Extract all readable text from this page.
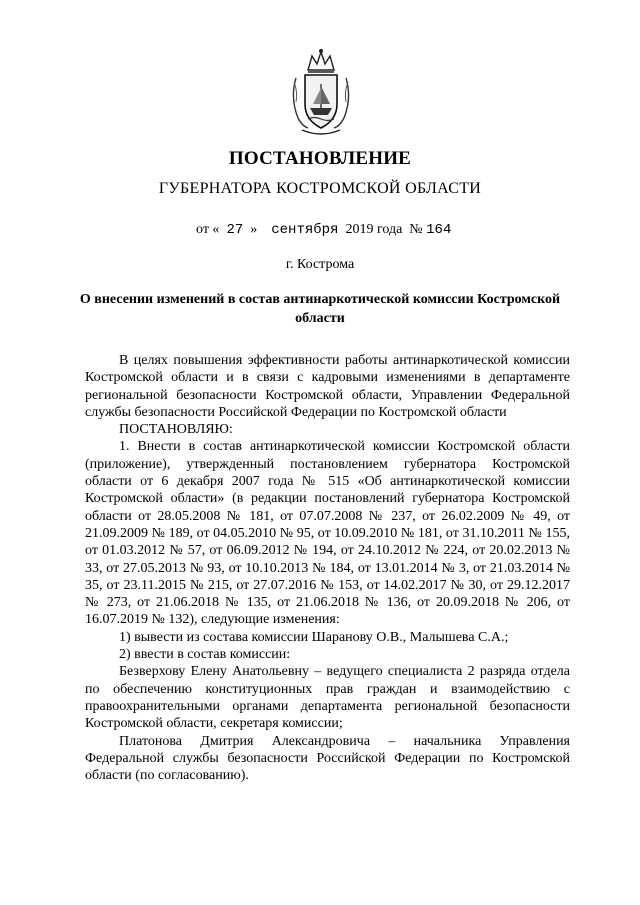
ПОСТАНОВЛЕНИЕ
ГУБЕРНАТОРА КОСТРОМСКОЙ ОБЛАСТИ
от « 27 » сентября 2019 года № 164
г. Кострома
О внесении изменений в состав антинаркотической комиссии Костромской области

В целях повышения эффективности работы антинаркотической комиссии Костромской области и в связи с кадровыми изменениями в департаменте региональной безопасности Костромской области, Управлении Федеральной службы безопасности Российской Федерации по Костромской области

ПОСТАНОВЛЯЮ:

1. Внести в состав антинаркотической комиссии Костромской области (приложение), утвержденный постановлением губернатора Костромской области от 6 декабря 2007 года № 515 «Об антинаркотической комиссии Костромской области» (в редакции постановлений губернатора Костромской области от 28.05.2008 № 181, от 07.07.2008 № 237, от 26.02.2009 № 49, от 21.09.2009 № 189, от 04.05.2010 № 95, от 10.09.2010 № 181, от 31.10.2011 № 155, от 01.03.2012 № 57, от 06.09.2012 № 194, от 24.10.2012 № 224, от 20.02.2013 № 33, от 27.05.2013 № 93, от 10.10.2013 № 184, от 13.01.2014 № 3, от 21.03.2014 № 35, от 23.11.2015 № 215, от 27.07.2016 № 153, от 14.02.2017 № 30, от 29.12.2017 № 273, от 21.06.2018 № 135, от 21.06.2018 № 136, от 20.09.2018 № 206, от 16.07.2019 № 132), следующие изменения:

1) вывести из состава комиссии Шаранову О.В., Малышева С.А.;

2) ввести в состав комиссии:

Безверхову Елену Анатольевну – ведущего специалиста 2 разряда отдела по обеспечению конституционных прав граждан и взаимодействию с правоохранительными органами департамента региональной безопасности Костромской области, секретаря комиссии;

Платонова Дмитрия Александровича – начальника Управления Федеральной службы безопасности Российской Федерации по Костромской области (по согласованию).
